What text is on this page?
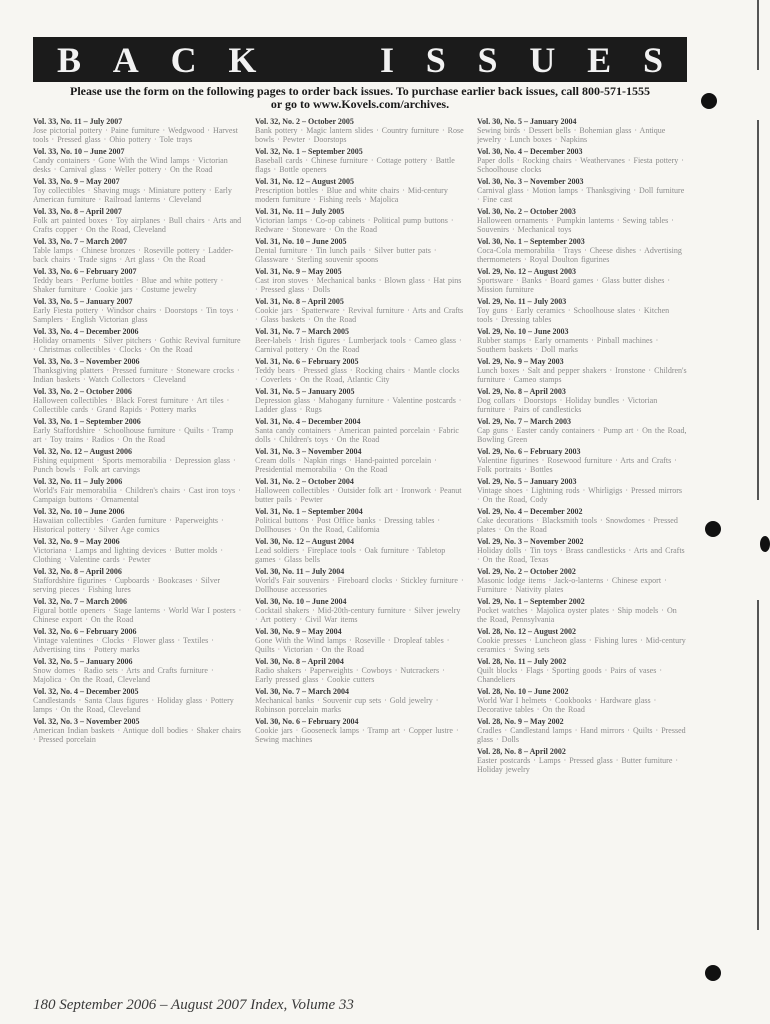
B A C K	I S S U E S
Please use the form on the following pages to order back issues. To purchase earlier back issues, call 800-571-1555
or go to www.Kovels.com/archives.
Vol. 33, No. 11 – July 2007
Jose pictorial pottery · Paine furniture · Wedgwood · Harvest tools · Pressed glass · Ohio pottery · Tole trays
Vol. 33, No. 10 – June 2007
Candy containers · Gone With the Wind lamps · Victorian desks · Carnival glass · Weller pottery · On the Road
Vol. 33, No. 9 – May 2007
Toy collectibles · Shaving mugs · Miniature pottery · Early American furniture · Railroad lanterns · Cleveland
Vol. 33, No. 8 – April 2007
Folk art painted boxes · Toy airplanes · Bull chairs · Arts and Crafts copper · On the Road, Cleveland
Vol. 33, No. 7 – March 2007
Table lamps · Chinese bronzes · Roseville pottery · Ladder-back chairs · Trade signs · Art glass · On the Road
Vol. 33, No. 6 – February 2007
Teddy bears · Perfume bottles · Blue and white pottery · Shaker furniture · Cookie jars · Costume jewelry
Vol. 33, No. 5 – January 2007
Early Fiesta pottery · Windsor chairs · Doorstops · Tin toys · Samplers · English Victorian glass
Vol. 33, No. 4 – December 2006
Holiday ornaments · Silver pitchers · Gothic Revival furniture · Christmas collectibles · Clocks · On the Road
Vol. 33, No. 3 – November 2006
Thanksgiving platters · Pressed furniture · Stoneware crocks · Indian baskets · Watch Collectors · Cleveland
Vol. 33, No. 2 – October 2006
Halloween collectibles · Black Forest furniture · Art tiles · Collectible cards · Grand Rapids · Pottery marks
Vol. 33, No. 1 – September 2006
Early Staffordshire · Schoolhouse furniture · Quilts · Tramp art · Toy trains · Radios · On the Road
Vol. 32, No. 12 – August 2006
Fishing equipment · Sports memorabilia · Depression glass · Punch bowls · Folk art carvings
Vol. 32, No. 11 – July 2006
World's Fair memorabilia · Children's chairs · Cast iron toys · Campaign buttons · Ornamental
Vol. 32, No. 10 – June 2006
Hawaiian collectibles · Garden furniture · Paperweights · Historical pottery · Silver Age comics
Vol. 32, No. 9 – May 2006
Victoriana · Lamps and lighting devices · Butter molds · Clothing · Valentine cards · Pewter
Vol. 32, No. 8 – April 2006
Staffordshire figurines · Cupboards · Bookcases · Silver serving pieces · Fishing lures
Vol. 32, No. 7 – March 2006
Figural bottle openers · Stage lanterns · World War I posters · Chinese export · On the Road
Vol. 32, No. 6 – February 2006
Vintage valentines · Clocks · Flower glass · Textiles · Advertising tins · Pottery marks
Vol. 32, No. 5 – January 2006
Snow domes · Radio sets · Arts and Crafts furniture · Majolica · On the Road, Cleveland
Vol. 32, No. 4 – December 2005
Candlestands · Santa Claus figures · Holiday glass · Pottery lamps · On the Road, Cleveland
Vol. 32, No. 3 – November 2005
American Indian baskets · Antique doll bodies · Shaker chairs · Pressed porcelain
Vol. 32, No. 2 – October 2005
Bank pottery · Magic lantern slides · Country furniture · Rose bowls · Pewter · Doorstops
Vol. 32, No. 1 – September 2005
Baseball cards · Chinese furniture · Cottage pottery · Battle flags · Bottle openers
Vol. 31, No. 12 – August 2005
Prescription bottles · Blue and white chairs · Mid-century modern furniture · Fishing reels · Majolica
Vol. 31, No. 11 – July 2005
Victorian lamps · Co-op cabinets · Political pump buttons · Redware · Stoneware · On the Road
Vol. 31, No. 10 – June 2005
Dental furniture · Tin lunch pails · Silver butter pats · Glassware · Sterling souvenir spoons
Vol. 31, No. 9 – May 2005
Cast iron stoves · Mechanical banks · Blown glass · Hat pins · Pressed glass · Dolls
Vol. 31, No. 8 – April 2005
Cookie jars · Spatterware · Revival furniture · Arts and Crafts · Glass baskets · On the Road
Vol. 31, No. 7 – March 2005
Beer-labels · Irish figures · Lumberjack tools · Cameo glass · Carnival pottery · On the Road
Vol. 31, No. 6 – February 2005
Teddy bears · Pressed glass · Rocking chairs · Mantle clocks · Coverlets · On the Road, Atlantic City
Vol. 31, No. 5 – January 2005
Depression glass · Mahogany furniture · Valentine postcards · Ladder glass · Rugs
Vol. 31, No. 4 – December 2004
Santa candy containers · American painted porcelain · Fabric dolls · Children's toys · On the Road
Vol. 31, No. 3 – November 2004
Cream dolls · Napkin rings · Hand-painted porcelain · Presidential memorabilia · On the Road
Vol. 31, No. 2 – October 2004
Halloween collectibles · Outsider folk art · Ironwork · Peanut butter pails · Pewter
Vol. 31, No. 1 – September 2004
Political buttons · Post Office banks · Dressing tables · Dollhouses · On the Road, California
Vol. 30, No. 12 – August 2004
Lead soldiers · Fireplace tools · Oak furniture · Tabletop games · Glass bells
Vol. 30, No. 11 – July 2004
World's Fair souvenirs · Fireboard clocks · Stickley furniture · Dollhouse accessories
Vol. 30, No. 10 – June 2004
Cocktail shakers · Mid-20th-century furniture · Silver jewelry · Art pottery · Civil War items
Vol. 30, No. 9 – May 2004
Gone With the Wind lamps · Roseville · Dropleaf tables · Quilts · Victorian · On the Road
Vol. 30, No. 8 – April 2004
Radio shakers · Paperweights · Cowboys · Nutcrackers · Early pressed glass · Cookie cutters
Vol. 30, No. 7 – March 2004
Mechanical banks · Souvenir cup sets · Gold jewelry · Robinson porcelain marks
Vol. 30, No. 6 – February 2004
Cookie jars · Gooseneck lamps · Tramp art · Copper lustre · Sewing machines
Vol. 30, No. 5 – January 2004
Sewing birds · Dessert bells · Bohemian glass · Antique jewelry · Lunch boxes · Napkins
Vol. 30, No. 4 – December 2003
Paper dolls · Rocking chairs · Weathervanes · Fiesta pottery · Schoolhouse clocks
Vol. 30, No. 3 – November 2003
Carnival glass · Motion lamps · Thanksgiving · Doll furniture · Fine cast
Vol. 30, No. 2 – October 2003
Halloween ornaments · Pumpkin lanterns · Sewing tables · Souvenirs · Mechanical toys
Vol. 30, No. 1 – September 2003
Coca-Cola memorabilia · Trays · Cheese dishes · Advertising thermometers · Royal Doulton figurines
Vol. 29, No. 12 – August 2003
Sportsware · Banks · Board games · Glass butter dishes · Mission furniture
Vol. 29, No. 11 – July 2003
Toy guns · Early ceramics · Schoolhouse slates · Kitchen tools · Dressing tables
Vol. 29, No. 10 – June 2003
Rubber stamps · Early ornaments · Pinball machines · Southern baskets · Doll marks
Vol. 29, No. 9 – May 2003
Lunch boxes · Salt and pepper shakers · Ironstone · Children's furniture · Cameo stamps
Vol. 29, No. 8 – April 2003
Dog collars · Doorstops · Holiday bundles · Victorian furniture · Pairs of candlesticks
Vol. 29, No. 7 – March 2003
Cap guns · Easter candy containers · Pump art · On the Road, Bowling Green
Vol. 29, No. 6 – February 2003
Valentine figurines · Rosewood furniture · Arts and Crafts · Folk portraits · Bottles
Vol. 29, No. 5 – January 2003
Vintage shoes · Lightning rods · Whirligigs · Pressed mirrors · On the Road, Cody
Vol. 29, No. 4 – December 2002
Cake decorations · Blacksmith tools · Snowdomes · Pressed plates · On the Road
Vol. 29, No. 3 – November 2002
Holiday dolls · Tin toys · Brass candlesticks · Arts and Crafts · On the Road, Texas
Vol. 29, No. 2 – October 2002
Masonic lodge items · Jack-o-lanterns · Chinese export · Furniture · Nativity plates
Vol. 29, No. 1 – September 2002
Pocket watches · Majolica oyster plates · Ship models · On the Road, Pennsylvania
Vol. 28, No. 12 – August 2002
Cookie presses · Luncheon glass · Fishing lures · Mid-century ceramics · Swing sets
Vol. 28, No. 11 – July 2002
Quilt blocks · Flags · Sporting goods · Pairs of vases · Chandeliers
Vol. 28, No. 10 – June 2002
World War I helmets · Cookbooks · Hardware glass · Decorative tables · On the Road
Vol. 28, No. 9 – May 2002
Cradles · Candlestand lamps · Hand mirrors · Quilts · Pressed glass · Dolls
Vol. 28, No. 8 – April 2002
Easter postcards · Lamps · Pressed glass · Butter furniture · Holiday jewelry
180 September 2006 – August 2007 Index, Volume 33
